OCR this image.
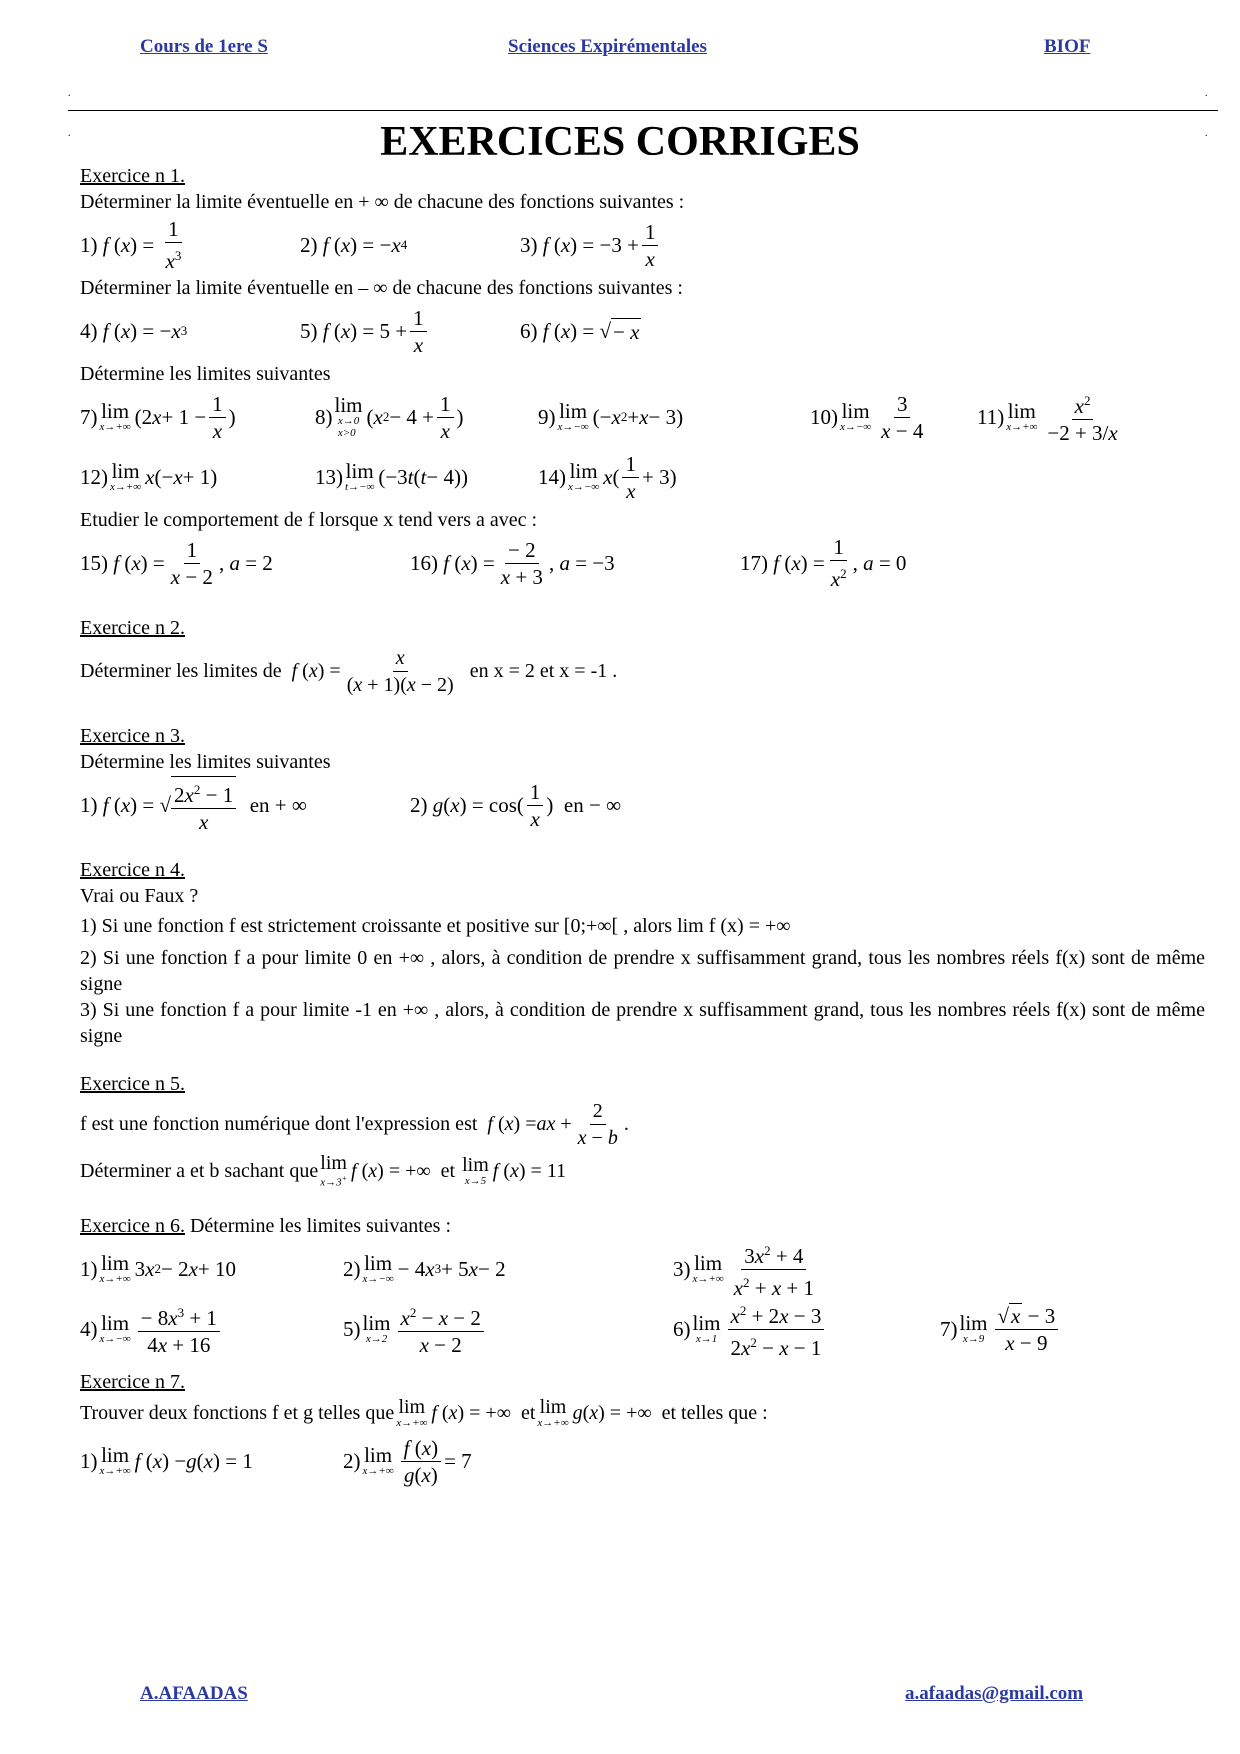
Cours de 1ere S	Sciences Expirémentales	BIOF
.	.
.	.
EXERCICES CORRIGES

Exercice n 1.

Déterminer la limite éventuelle en + ∞ de chacune des fonctions suivantes :

1) f ( x ) = $\frac{1}{x^3}$	2) f ( x ) = − x 4	3) f ( x ) = $-3 + \frac{1}{x}$

Déterminer la limite éventuelle en – ∞ de chacune des fonctions suivantes :

4) f ( x ) = − x 3	5) f ( x ) = $5 + \frac{1}{x}$	6) f ( x ) = √ − x

Détermine les limites suivantes

7) lim
x→+∞ (2 $x + 1 - \frac{1}{x}$ )	8) lim
x→0
x>0
( x $2 - 4 + \frac{1}{x}$ )	9) lim
x→−∞ (− x 2 + x − 3)	10) lim
$x\to-\infty \frac{3}{x - 4} 11$) lim
$x\to+\infty \frac{x^2}{-2 + 3/x}$
12) lim
x→+∞ x (− x + 1)	13) lim
t→−∞ (−3 t ( t − 4))	14) lim
x→−∞ x ( $\frac{1}{x} + 3$)

Etudier le comportement de f lorsque x tend vers a avec :

15) f ( x ) = $\frac{1}{x - 2}$ , a = 2	16) f ( x ) = $\frac{- 2}{x + 3}$ , a = −3	17) f ( x ) = $\frac{1}{x^2}$ , a = 0

Exercice n 2.

Déterminer les limites de
f ( x ) = $\frac{x}{(x + 1)(x - 2)}$
en x = 2 et x = -1 .

Exercice n 3.

Détermine les limites suivantes

1) f ( x ) = √ $\frac{2x^2 - 1}{x}$ en + ∞	2) g ( x ) = $\cos( \frac{1}{x}$ )  en − ∞

Exercice n 4.

Vrai ou Faux ?

1) Si une fonction f est strictement croissante et positive sur [0;+∞[ , alors lim f (x) = +∞

2) Si une fonction f a pour limite 0 en +∞ , alors, à condition de prendre x suffisamment grand, tous les nombres réels f(x) sont de même signe

3) Si une fonction f a pour limite -1 en +∞ , alors, à condition de prendre x suffisamment grand, tous les nombres réels f(x) sont de même signe

Exercice n 5.

f est une fonction numérique dont l'expression est
f ( x ) = ax + $\frac{2}{x - b}$ .
Déterminer a et b sachant que lim
x→3+ f ( x ) = +∞  et lim
x→5 f ( x ) = 11

Exercice n 6. Détermine les limites suivantes :

1) lim
x→+∞ 3 x 2 − 2 x + 10	2) lim
x→−∞ − 4 x 3 + 5 x − 2	3) lim
$x\to+\infty \frac{3x^2 + 4}{x^2 + x + 1}$
4) lim
$x\to-\infty \frac{- 8x^3 + 1}{4x + 16}$	5) lim
$x\to 2 \frac{x^2 - x - 2}{x - 2}$	6) lim
$x\to 1 \frac{x^2 + 2x - 3}{2x^2 - x - 1}$	7) lim
$x\to 9 \frac{√x - 3}{x - 9}$

Exercice n 7.

Trouver deux fonctions f et g telles que lim
x→+∞ f ( x ) = +∞  et lim
x→+∞ g ( x ) = +∞ et telles que :
1) lim
x→+∞ f ( x ) − g ( x ) = 1	2) lim
$x\to+\infty \frac{f (x)}{g(x)} = 7$
A.AFAADAS	a.afaadas@gmail.com
